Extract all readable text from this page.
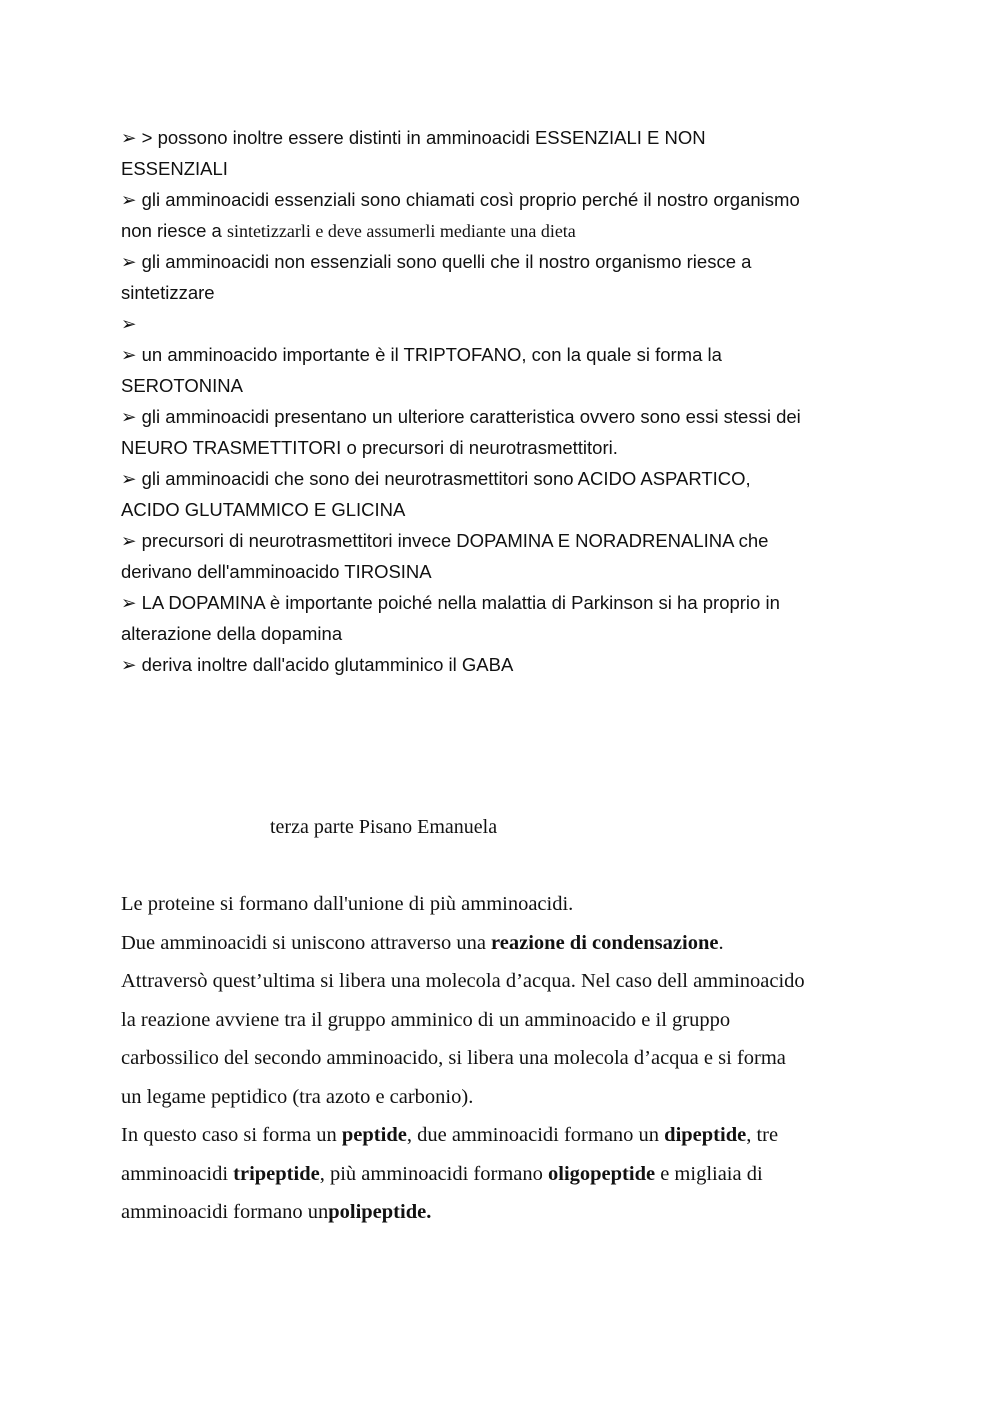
➢ > possono inoltre essere distinti in amminoacidi ESSENZIALI E NON
ESSENZIALI
➢ gli amminoacidi essenziali sono chiamati così proprio perché il nostro organismo
non riesce a sintetizzarli e deve assumerli mediante una dieta
➢ gli amminoacidi non essenziali sono quelli che il nostro organismo riesce a
sintetizzare
➢
➢ un amminoacido importante è il TRIPTOFANO, con la quale si forma la
SEROTONINA
➢ gli amminoacidi presentano un ulteriore caratteristica ovvero sono essi stessi dei
NEURO TRASMETTITORI o precursori di neurotrasmettitori.
➢ gli amminoacidi che sono dei neurotrasmettitori sono ACIDO ASPARTICO,
ACIDO GLUTAMMICO E GLICINA
➢ precursori di neurotrasmettitori invece DOPAMINA E NORADRENALINA che
derivano dell'amminoacido TIROSINA
➢ LA DOPAMINA è importante poiché nella malattia di Parkinson si ha proprio in
alterazione della dopamina
➢ deriva inoltre dall'acido glutamminico il GABA
terza parte Pisano Emanuela
Le proteine si formano dall'unione di più amminoacidi.
Due amminoacidi si uniscono attraverso una reazione di condensazione.
Attraversò quest’ultima si libera una molecola d’acqua. Nel caso dell amminoacido
la reazione avviene tra il gruppo amminico di un amminoacido e il gruppo
carbossilico del secondo amminoacido, si libera una molecola d’acqua e si forma
un legame peptidico (tra azoto e carbonio).
In questo caso si forma un peptide, due amminoacidi formano un dipeptide, tre
amminoacidi tripeptide, più amminoacidi formano oligopeptide e migliaia di
amminoacidi formano unpolipeptide.
